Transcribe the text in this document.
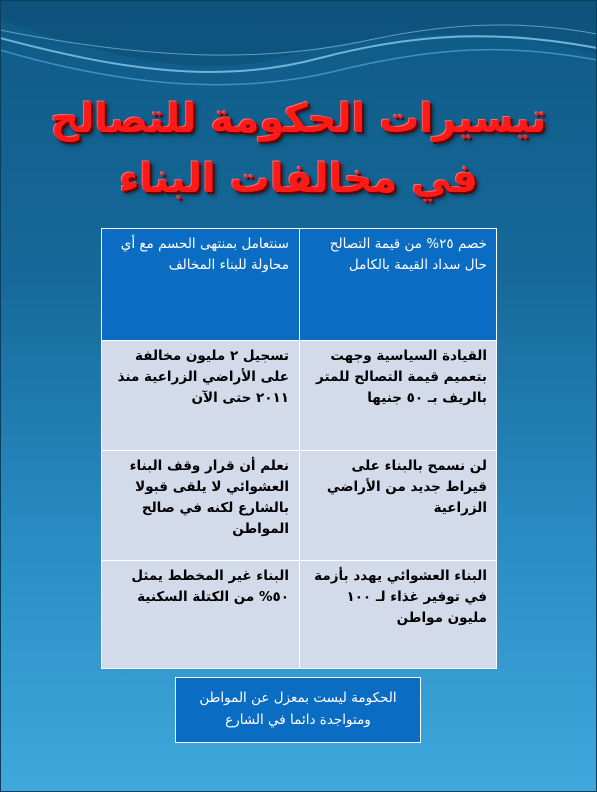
تيسيرات الحكومة للتصالح
في مخالفات البناء
خصم ٢٥% من قيمة التصالح حال سداد القيمة بالكامل
سنتعامل بمنتهى الحسم مع أي محاولة للبناء المخالف
القيادة السياسية وجهت بتعميم قيمة التصالح للمتر بالريف بـ ٥٠ جنيها
تسجيل ٢ مليون مخالفة على الأراضي الزراعية منذ ٢٠١١ حتى الآن
لن نسمح بالبناء على قيراط جديد من الأراضي الزراعية
نعلم أن قرار وقف البناء العشوائي لا يلقى قبولا بالشارع لكنه في صالح المواطن
البناء العشوائي يهدد بأزمة في توفير غذاء لـ ١٠٠ مليون مواطن
البناء غير المخطط يمثل ٥٠% من الكتلة السكنية
الحكومة ليست بمعزل عن المواطن ومتواجدة دائما في الشارع
